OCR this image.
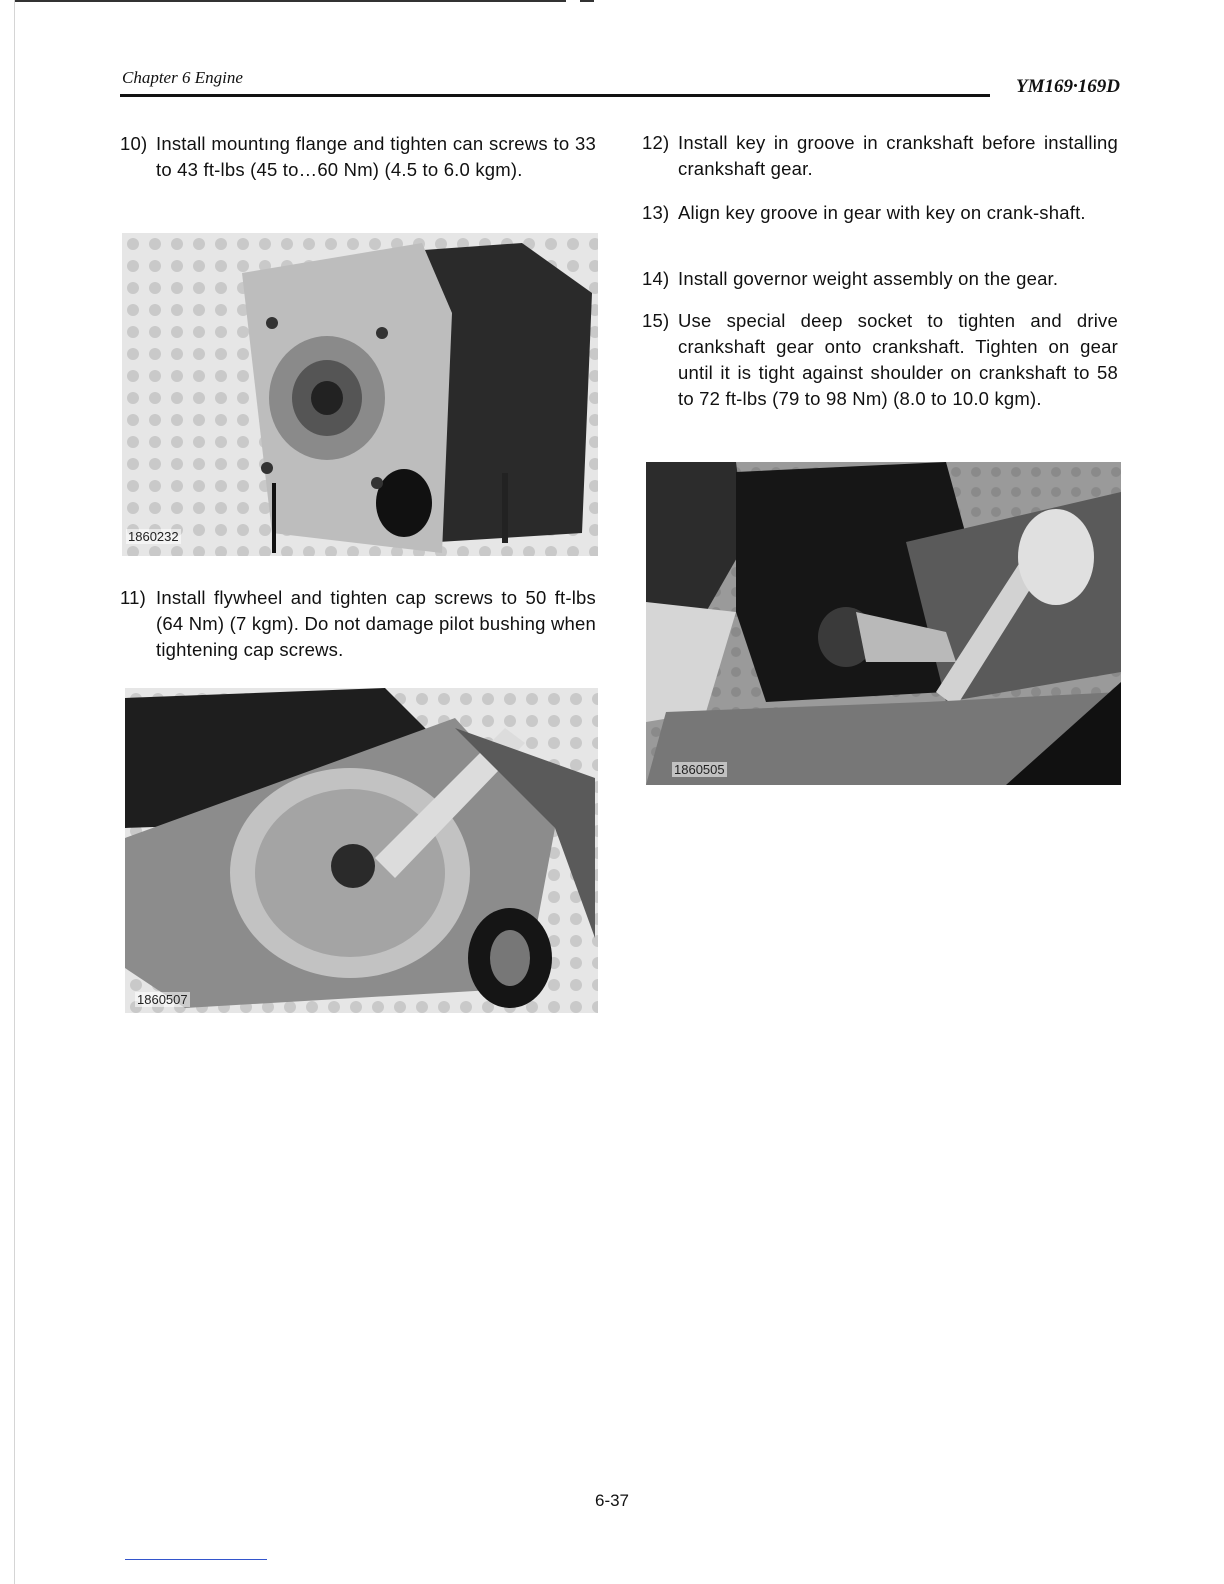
Chapter 6 Engine	YM169·169D
10) Install mountıng flange and tighten can screws to 33 to 43 ft-lbs (45 to…60 Nm) (4.5 to 6.0 kgm).
1860232
11) Install flywheel and tighten cap screws to 50 ft-lbs (64 Nm) (7 kgm). Do not damage pilot bushing when tightening cap screws.
1860507
12) Install key in groove in crankshaft before installing crankshaft gear.
13) Align key groove in gear with key on crank-shaft.
14) Install governor weight assembly on the gear.
15) Use special deep socket to tighten and drive crankshaft gear onto crankshaft. Tighten on gear until it is tight against shoulder on crankshaft to 58 to 72 ft-lbs (79 to 98 Nm) (8.0 to 10.0 kgm).
1860505
6-37
